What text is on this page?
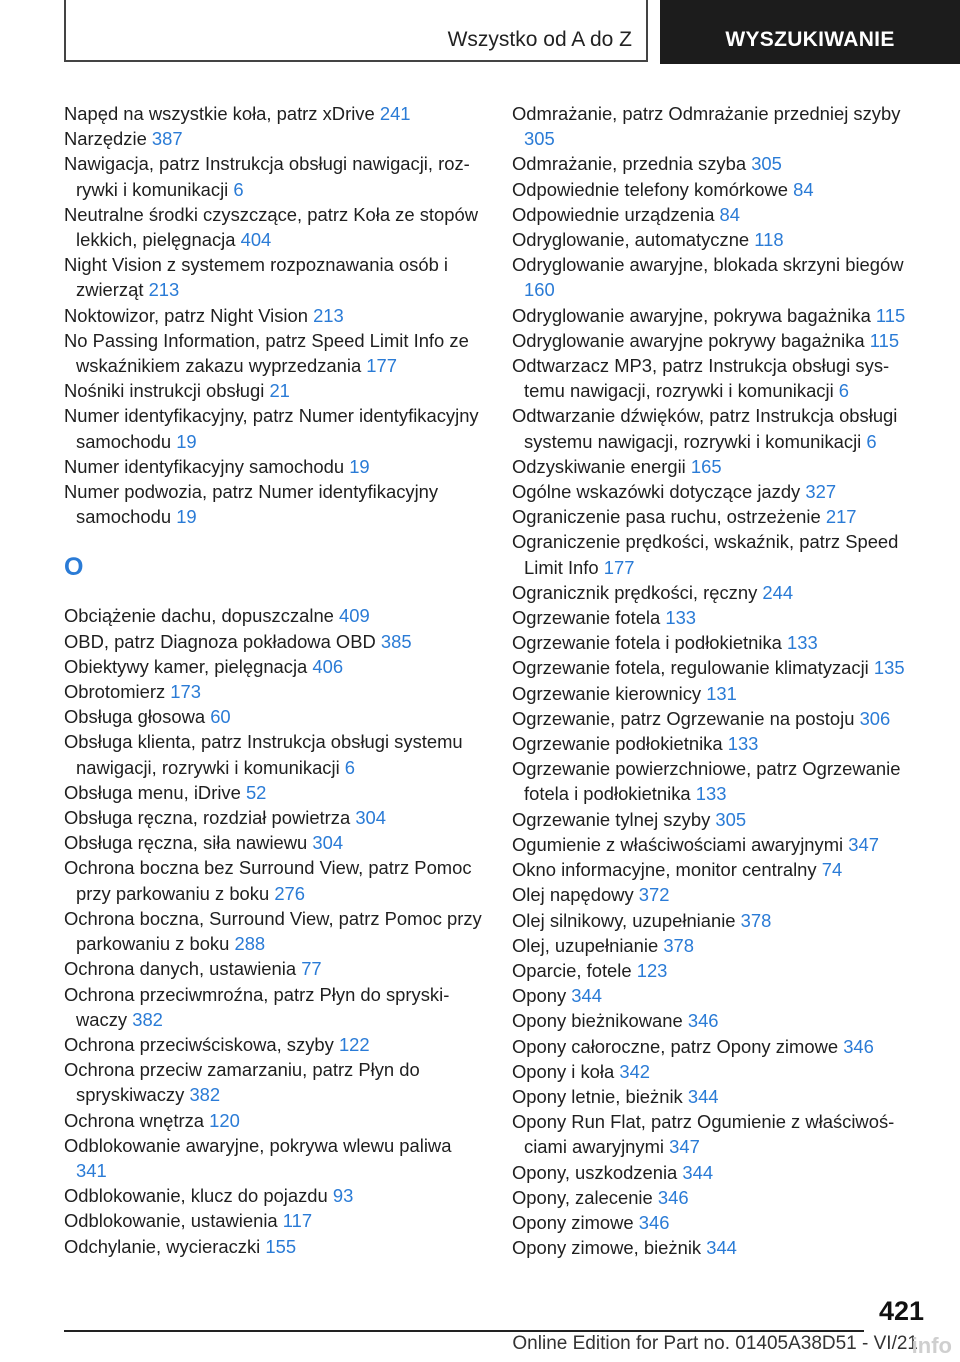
Wszystko od A do Z	WYSZUKIWANIE
Napęd na wszystkie koła, patrz xDrive 241
Narzędzie 387
Nawigacja, patrz Instrukcja obsługi nawigacji, rozrywki i komunikacji 6
Neutralne środki czyszczące, patrz Koła ze stopów lekkich, pielęgnacja 404
Night Vision z systemem rozpoznawania osób i zwierząt 213
Noktowizor, patrz Night Vision 213
No Passing Information, patrz Speed Limit Info ze wskaźnikiem zakazu wyprzedzania 177
Nośniki instrukcji obsługi 21
Numer identyfikacyjny, patrz Numer identyfikacyjny samochodu 19
Numer identyfikacyjny samochodu 19
Numer podwozia, patrz Numer identyfikacyjny samochodu 19
O
Obciążenie dachu, dopuszczalne 409
OBD, patrz Diagnoza pokładowa OBD 385
Obiektywy kamer, pielęgnacja 406
Obrotomierz 173
Obsługa głosowa 60
Obsługa klienta, patrz Instrukcja obsługi systemu nawigacji, rozrywki i komunikacji 6
Obsługa menu, iDrive 52
Obsługa ręczna, rozdział powietrza 304
Obsługa ręczna, siła nawiewu 304
Ochrona boczna bez Surround View, patrz Pomoc przy parkowaniu z boku 276
Ochrona boczna, Surround View, patrz Pomoc przy parkowaniu z boku 288
Ochrona danych, ustawienia 77
Ochrona przeciwmroźna, patrz Płyn do spryskiwaczy 382
Ochrona przeciwściskowa, szyby 122
Ochrona przeciw zamarzaniu, patrz Płyn do spryskiwaczy 382
Ochrona wnętrza 120
Odblokowanie awaryjne, pokrywa wlewu paliwa 341
Odblokowanie, klucz do pojazdu 93
Odblokowanie, ustawienia 117
Odchylanie, wycieraczki 155
Odmrażanie, patrz Odmrażanie przedniej szyby 305
Odmrażanie, przednia szyba 305
Odpowiednie telefony komórkowe 84
Odpowiednie urządzenia 84
Odryglowanie, automatyczne 118
Odryglowanie awaryjne, blokada skrzyni biegów 160
Odryglowanie awaryjne, pokrywa bagażnika 115
Odryglowanie awaryjne pokrywy bagażnika 115
Odtwarzacz MP3, patrz Instrukcja obsługi systemu nawigacji, rozrywki i komunikacji 6
Odtwarzanie dźwięków, patrz Instrukcja obsługi systemu nawigacji, rozrywki i komunikacji 6
Odzyskiwanie energii 165
Ogólne wskazówki dotyczące jazdy 327
Ograniczenie pasa ruchu, ostrzeżenie 217
Ograniczenie prędkości, wskaźnik, patrz Speed Limit Info 177
Ogranicznik prędkości, ręczny 244
Ogrzewanie fotela 133
Ogrzewanie fotela i podłokietnika 133
Ogrzewanie fotela, regulowanie klimatyzacji 135
Ogrzewanie kierownicy 131
Ogrzewanie, patrz Ogrzewanie na postoju 306
Ogrzewanie podłokietnika 133
Ogrzewanie powierzchniowe, patrz Ogrzewanie fotela i podłokietnika 133
Ogrzewanie tylnej szyby 305
Ogumienie z właściwościami awaryjnymi 347
Okno informacyjne, monitor centralny 74
Olej napędowy 372
Olej silnikowy, uzupełnianie 378
Olej, uzupełnianie 378
Oparcie, fotele 123
Opony 344
Opony bieżnikowane 346
Opony całoroczne, patrz Opony zimowe 346
Opony i koła 342
Opony letnie, bieżnik 344
Opony Run Flat, patrz Ogumienie z właściwościami awaryjnymi 347
Opony, uszkodzenia 344
Opony, zalecenie 346
Opony zimowe 346
Opony zimowe, bieżnik 344
421
Online Edition for Part no. 01405A38D51 - VI/21
info
